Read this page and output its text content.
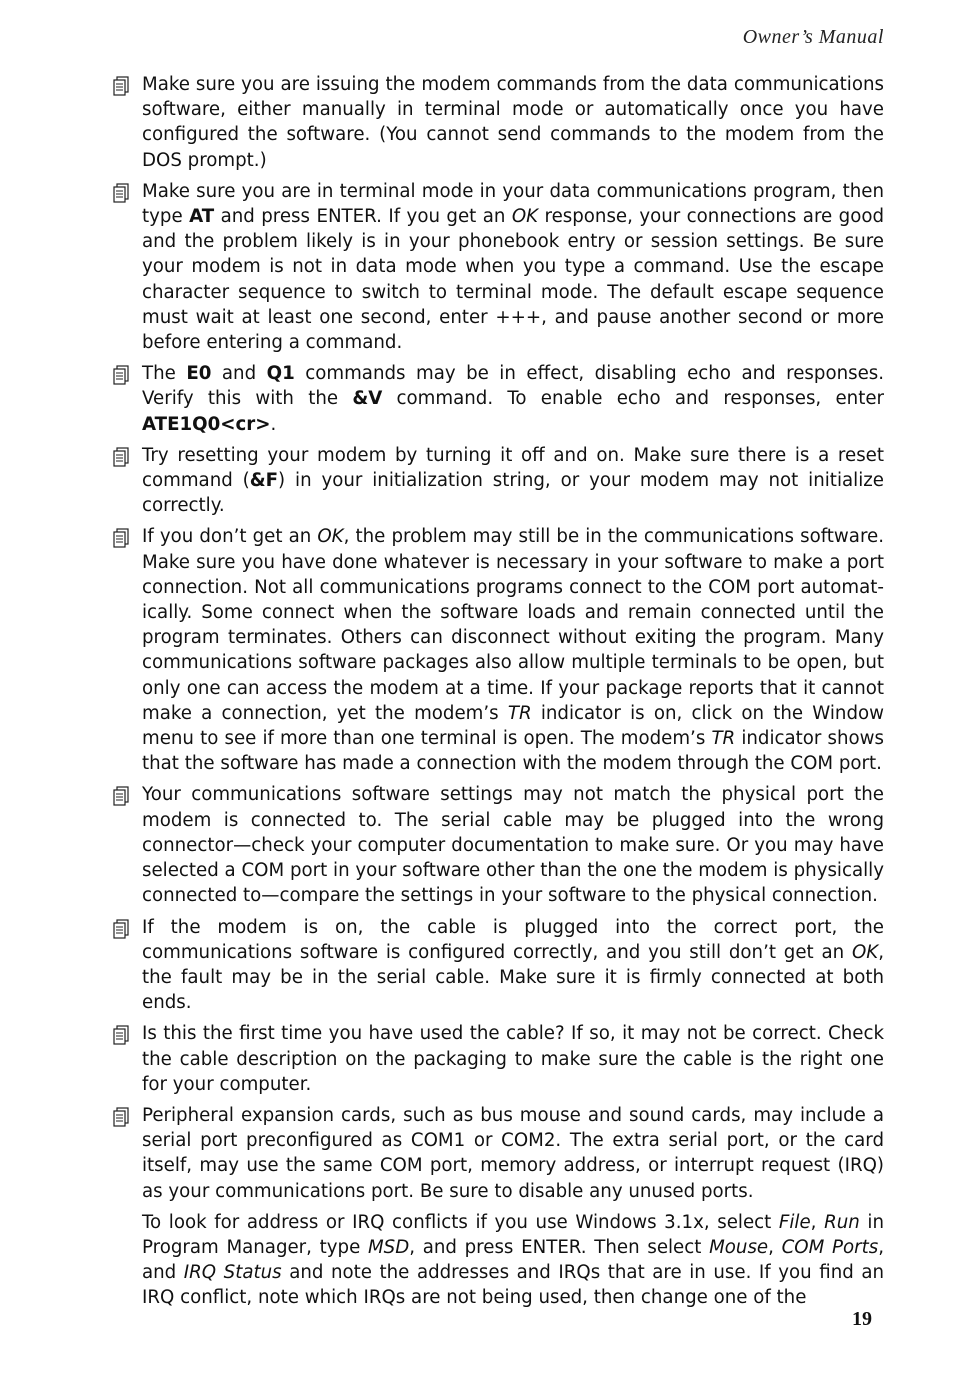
Owner’s Manual
Make sure you are issuing the modem commands from the data communications software, either manually in terminal mode or automatically once you have configured the software. (You cannot send commands to the modem from the DOS prompt.)
Make sure you are in terminal mode in your data communications program, then type AT and press ENTER. If you get an OK response, your connections are good and the problem likely is in your phonebook entry or session settings. Be sure your modem is not in data mode when you type a command. Use the escape character sequence to switch to terminal mode. The default escape sequence must wait at least one second, enter +++, and pause another second or more before entering a command.
The E0 and Q1 commands may be in effect, disabling echo and responses. Verify this with the &V command. To enable echo and responses, enter ATE1Q0<cr>.
Try resetting your modem by turning it off and on. Make sure there is a reset command (&F) in your initialization string, or your modem may not initialize correctly.
If you don’t get an OK, the problem may still be in the communications software. Make sure you have done whatever is necessary in your software to make a port connection. Not all communications programs connect to the COM port automat-ically. Some connect when the software loads and remain connected until the program terminates. Others can disconnect without exiting the program. Many communications software packages also allow multiple terminals to be open, but only one can access the modem at a time. If your package reports that it cannot make a connection, yet the modem’s TR indicator is on, click on the Window menu to see if more than one terminal is open. The modem’s TR indicator shows that the software has made a connection with the modem through the COM port.
Your communications software settings may not match the physical port the modem is connected to. The serial cable may be plugged into the wrong connector—check your computer documentation to make sure. Or you may have selected a COM port in your software other than the one the modem is physically connected to—compare the settings in your software to the physical connection.
If the modem is on, the cable is plugged into the correct port, the communications software is configured correctly, and you still don’t get an OK, the fault may be in the serial cable. Make sure it is firmly connected at both ends.
Is this the first time you have used the cable? If so, it may not be correct. Check the cable description on the packaging to make sure the cable is the right one for your computer.
Peripheral expansion cards, such as bus mouse and sound cards, may include a serial port preconfigured as COM1 or COM2. The extra serial port, or the card itself, may use the same COM port, memory address, or interrupt request (IRQ) as your communications port. Be sure to disable any unused ports.
To look for address or IRQ conflicts if you use Windows 3.1x, select File, Run in Program Manager, type MSD, and press ENTER. Then select Mouse, COM Ports, and IRQ Status and note the addresses and IRQs that are in use. If you find an IRQ conflict, note which IRQs are not being used, then change one of the
19
